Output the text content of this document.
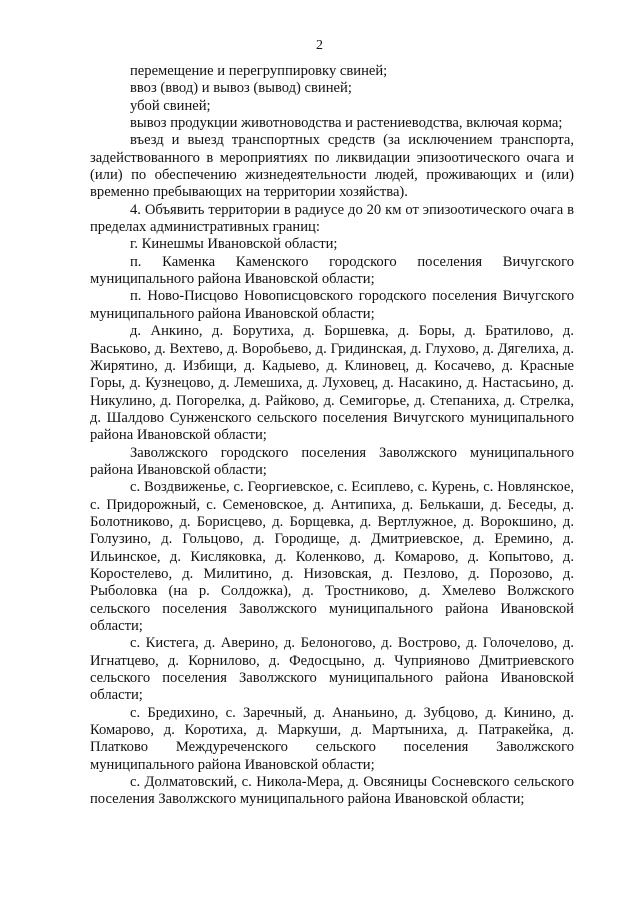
2

перемещение и перегруппировку свиней;

ввоз (ввод) и вывоз (вывод) свиней;

убой свиней;

вывоз продукции животноводства и растениеводства, включая корма;

въезд и выезд транспортных средств (за исключением транспорта, задействованного в мероприятиях по ликвидации эпизоотического очага и (или) по обеспечению жизнедеятельности людей, проживающих и (или) временно пребывающих на территории хозяйства).

4. Объявить территории в радиусе до 20 км от эпизоотического очага в пределах административных границ:

г. Кинешмы Ивановской области;

п. Каменка Каменского городского поселения Вичугского муниципального района Ивановской области;

п. Ново-Писцово Новописцовского городского поселения Вичугского муниципального района Ивановской области;

д. Анкино, д. Борутиха, д. Боршевка, д. Боры, д. Братилово, д. Васьково, д. Вехтево, д. Воробьево, д. Гридинская, д. Глухово, д. Дягелиха, д. Жирятино, д. Избищи, д. Кадыево, д. Клиновец, д. Косачево, д. Красные Горы, д. Кузнецово, д. Лемешиха, д. Луховец, д. Насакино, д. Настасьино, д. Никулино, д. Погорелка, д. Райково, д. Семигорье, д. Степаниха, д. Стрелка, д. Шалдово Сунженского сельского поселения Вичугского муниципального района Ивановской области;

Заволжского городского поселения Заволжского муниципального района Ивановской области;

с. Воздвиженье, с. Георгиевское, с. Есиплево, с. Курень, с. Новлянское, с. Придорожный, с. Семеновское, д. Антипиха, д. Белькаши, д. Беседы, д. Болотниково, д. Борисцево, д. Борщевка, д. Вертлужное, д. Ворокшино, д. Голузино, д. Гольцово, д. Городище, д. Дмитриевское, д. Еремино, д. Ильинское, д. Кисляковка, д. Коленково, д. Комарово, д. Копытово, д. Коростелево, д. Милитино, д. Низовская, д. Пезлово, д. Порозово, д. Рыболовка (на р. Солдожка), д. Тростниково, д. Хмелево Волжского сельского поселения Заволжского муниципального района Ивановской области;

с. Кистега, д. Аверино, д. Белоногово, д. Вострово, д. Голочелово, д. Игнатцево, д. Корнилово, д. Федосцыно, д. Чуприяново Дмитриевского сельского поселения Заволжского муниципального района Ивановской области;

с. Бредихино, с. Заречный, д. Ананьино, д. Зубцово, д. Кинино, д. Комарово, д. Коротиха, д. Маркуши, д. Мартыниха, д. Патракейка, д. Платково Междуреченского сельского поселения Заволжского муниципального района Ивановской области;

с. Долматовский, с. Никола-Мера, д. Овсяницы Сосневского сельского поселения Заволжского муниципального района Ивановской области;
